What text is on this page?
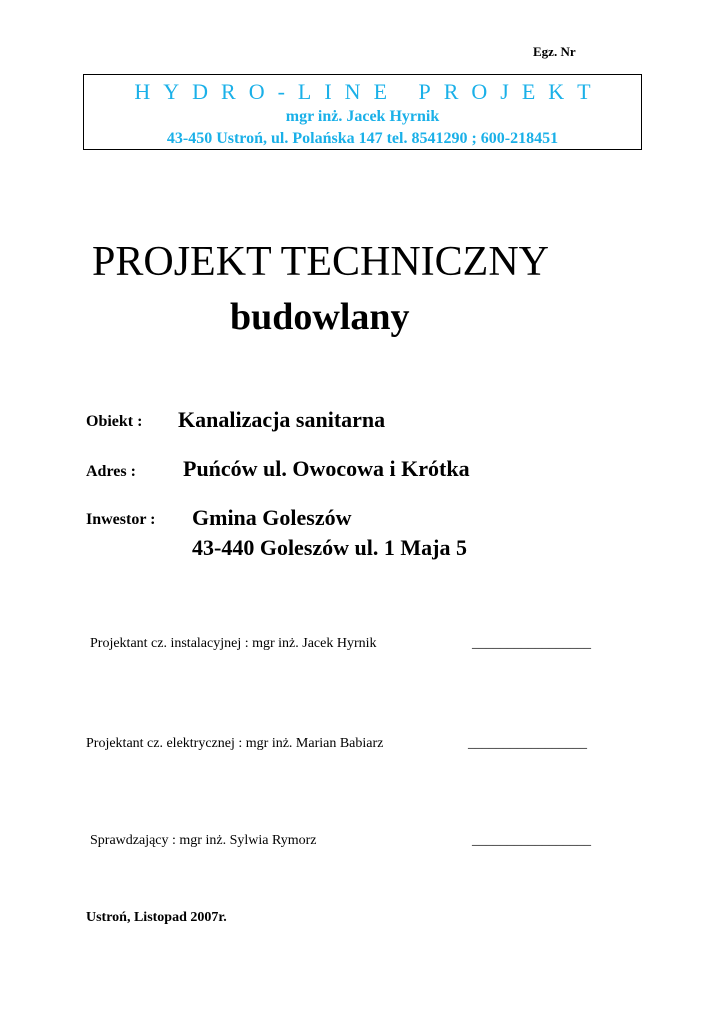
Egz. Nr
HYDRO-LINE PROJEKT
mgr inż. Jacek Hyrnik
43-450 Ustroń, ul. Polańska 147 tel. 8541290 ; 600-218451
PROJEKT TECHNICZNY
budowlany
Obiekt : Kanalizacja sanitarna
Adres : Puńców ul. Owocowa i Krótka
Inwestor : Gmina Goleszów
43-440 Goleszów ul. 1 Maja 5
Projektant cz. instalacyjnej : mgr inż. Jacek Hyrnik	_________________
Projektant cz. elektrycznej : mgr inż. Marian Babiarz	_________________
Sprawdzający : mgr inż. Sylwia Rymorz	_________________
Ustroń, Listopad 2007r.
